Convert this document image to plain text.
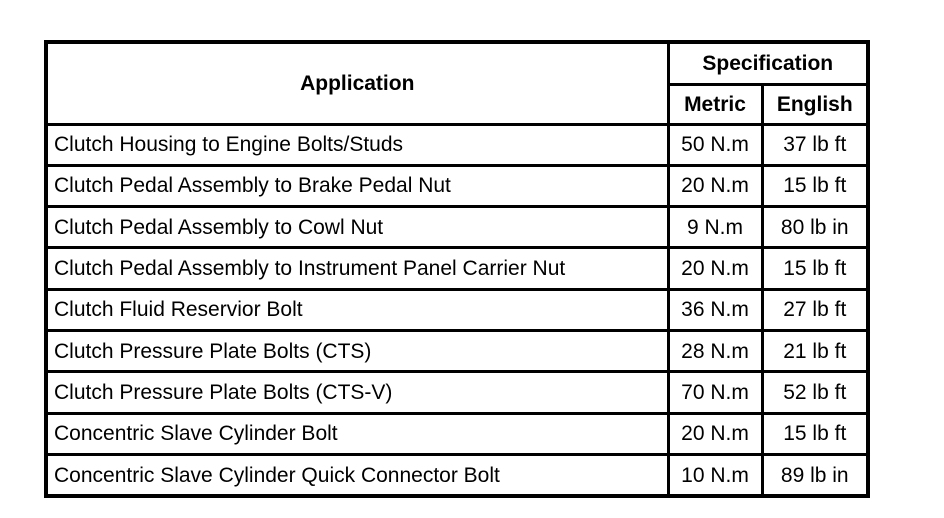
Application	Specification	
	Metric	English
Clutch Housing to Engine Bolts/Studs	50 N.m	37 lb ft
Clutch Pedal Assembly to Brake Pedal Nut	20 N.m	15 lb ft
Clutch Pedal Assembly to Cowl Nut	9 N.m	80 lb in
Clutch Pedal Assembly to Instrument Panel Carrier Nut	20 N.m	15 lb ft
Clutch Fluid Reservior Bolt	36 N.m	27 lb ft
Clutch Pressure Plate Bolts (CTS)	28 N.m	21 lb ft
Clutch Pressure Plate Bolts (CTS-V)	70 N.m	52 lb ft
Concentric Slave Cylinder Bolt	20 N.m	15 lb ft
Concentric Slave Cylinder Quick Connector Bolt	10 N.m	89 lb in
